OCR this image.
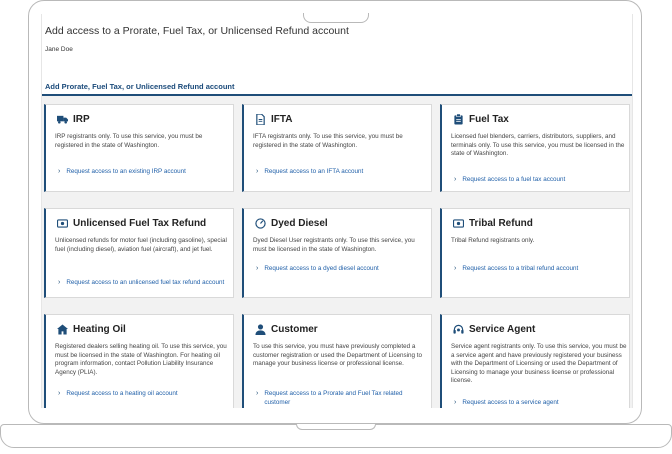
Add access to a Prorate, Fuel Tax, or Unlicensed Refund account
Jane Doe
Add Prorate, Fuel Tax, or Unlicensed Refund account
IRP
IRP registrants only. To use this service, you must be registered in the state of Washington.
› Request access to an existing IRP account
IFTA
IFTA registrants only. To use this service, you must be registered in the state of Washington.
› Request access to an IFTA account
Fuel Tax
Licensed fuel blenders, carriers, distributors, suppliers, and terminals only. To use this service, you must be licensed in the state of Washington.
› Request access to a fuel tax account
Unlicensed Fuel Tax Refund
Unlicensed refunds for motor fuel (including gasoline), special fuel (including diesel), aviation fuel (aircraft), and jet fuel.
› Request access to an unlicensed fuel tax refund account
Dyed Diesel
Dyed Diesel User registrants only. To use this service, you must be licensed in the state of Washington.
› Request access to a dyed diesel account
Tribal Refund
Tribal Refund registrants only.
› Request access to a tribal refund account
Heating Oil
Registered dealers selling heating oil. To use this service, you must be licensed in the state of Washington. For heating oil program information, contact Pollution Liability Insurance Agency (PLIA).
› Request access to a heating oil account
Customer
To use this service, you must have previously completed a customer registration or used the Department of Licensing to manage your business license or professional license.
› Request access to a Prorate and Fuel Tax related customer
Service Agent
Service agent registrants only. To use this service, you must be a service agent and have previously registered your business with the Department of Licensing or used the Department of Licensing to manage your business license or professional license.
› Request access to a service agent
